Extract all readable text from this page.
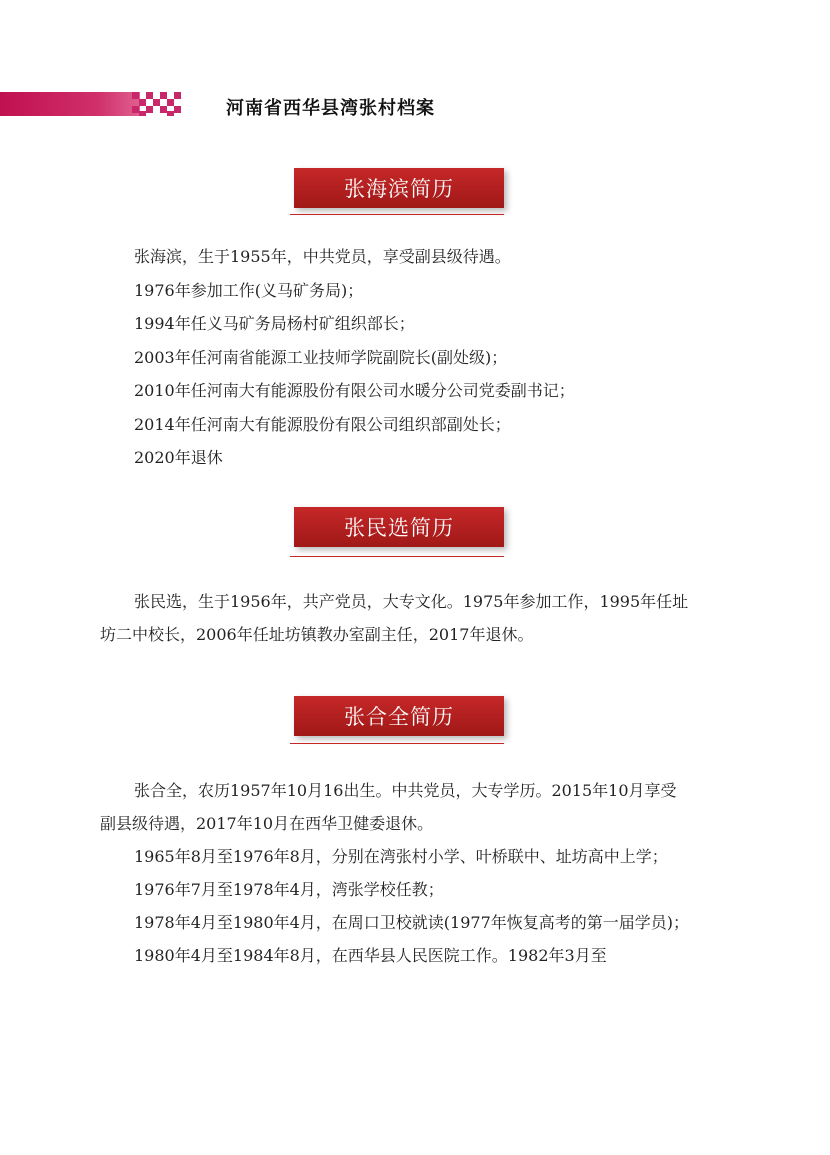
河南省西华县湾张村档案
张海滨简历
张海滨，生于1955年，中共党员，享受副县级待遇。
1976年参加工作(义马矿务局)；
1994年任义马矿务局杨村矿组织部长；
2003年任河南省能源工业技师学院副院长(副处级)；
2010年任河南大有能源股份有限公司水暖分公司党委副书记；
2014年任河南大有能源股份有限公司组织部副处长；
2020年退休
张民选简历

张民选，生于1956年，共产党员，大专文化。1975年参加工作，1995年任址坊二中校长，2006年任址坊镇教办室副主任，2017年退休。

张合全简历

张合全，农历1957年10月16出生。中共党员，大专学历。2015年10月享受副县级待遇，2017年10月在西华卫健委退休。

1965年8月至1976年8月，分别在湾张村小学、叶桥联中、址坊高中上学；

1976年7月至1978年4月，湾张学校任教；

1978年4月至1980年4月，在周口卫校就读(1977年恢复高考的第一届学员)；

1980年4月至1984年8月，在西华县人民医院工作。1982年3月至
